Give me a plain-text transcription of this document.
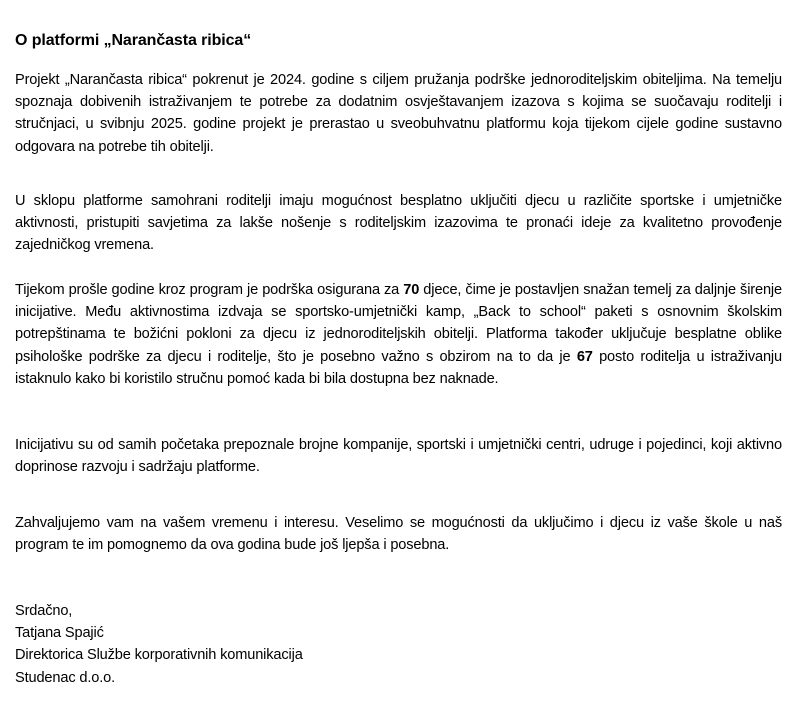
O platformi „Narančasta ribica“

Projekt „Narančasta ribica“ pokrenut je 2024. godine s ciljem pružanja podrške jednoroditeljskim obiteljima. Na temelju spoznaja dobivenih istraživanjem te potrebe za dodatnim osvještavanjem izazova s kojima se suočavaju roditelji i stručnjaci, u svibnju 2025. godine projekt je prerastao u sveobuhvatnu platformu koja tijekom cijele godine sustavno odgovara na potrebe tih obitelji.

U sklopu platforme samohrani roditelji imaju mogućnost besplatno uključiti djecu u različite sportske i umjetničke aktivnosti, pristupiti savjetima za lakše nošenje s roditeljskim izazovima te pronaći ideje za kvalitetno provođenje zajedničkog vremena.

Tijekom prošle godine kroz program je podrška osigurana za 70 djece, čime je postavljen snažan temelj za daljnje širenje inicijative. Među aktivnostima izdvaja se sportsko-umjetnički kamp, „Back to school“ paketi s osnovnim školskim potrepštinama te božićni pokloni za djecu iz jednoroditeljskih obitelji. Platforma također uključuje besplatne oblike psihološke podrške za djecu i roditelje, što je posebno važno s obzirom na to da je 67 posto roditelja u istraživanju istaknulo kako bi koristilo stručnu pomoć kada bi bila dostupna bez naknade.

Inicijativu su od samih početaka prepoznale brojne kompanije, sportski i umjetnički centri, udruge i pojedinci, koji aktivno doprinose razvoju i sadržaju platforme.

Zahvaljujemo vam na vašem vremenu i interesu. Veselimo se mogućnosti da uključimo i djecu iz vaše škole u naš program te im pomognemo da ova godina bude još ljepša i posebna.

Srdačno,
Tatjana Spajić
Direktorica Službe korporativnih komunikacija
Studenac d.o.o.
